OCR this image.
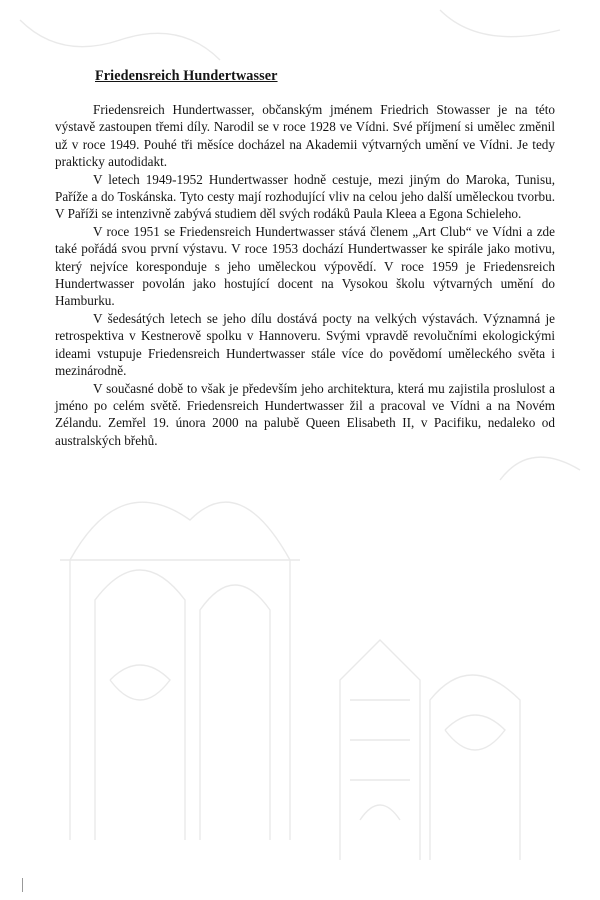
Friedensreich Hundertwasser

Friedensreich Hundertwasser, občanským jménem Friedrich Stowasser je na této výstavě zastoupen třemi díly. Narodil se v roce 1928 ve Vídni. Své příjmení si umělec změnil už v roce 1949. Pouhé tři měsíce docházel na Akademii výtvarných umění ve Vídni. Je tedy prakticky autodidakt.

V letech 1949-1952 Hundertwasser hodně cestuje, mezi jiným do Maroka, Tunisu, Paříže a do Toskánska. Tyto cesty mají rozhodující vliv na celou jeho další uměleckou tvorbu. V Paříži se intenzivně zabývá studiem děl svých rodáků Paula Kleea a Egona Schieleho.

V roce 1951 se Friedensreich Hundertwasser stává členem „Art Club“ ve Vídni a zde také pořádá svou první výstavu. V roce 1953 dochází Hundertwasser ke spirále jako motivu, který nejvíce koresponduje s jeho uměleckou výpovědí. V roce 1959 je Friedensreich Hundertwasser povolán jako hostující docent na Vysokou školu výtvarných umění do Hamburku.

V šedesátých letech se jeho dílu dostává pocty na velkých výstavách. Významná je retrospektiva v Kestnerově spolku v Hannoveru. Svými vpravdě revolučními ekologickými ideami vstupuje Friedensreich Hundertwasser stále více do povědomí uměleckého světa i mezinárodně.

V současné době to však je především jeho architektura, která mu zajistila proslulost a jméno po celém světě. Friedensreich Hundertwasser žil a pracoval ve Vídni a na Novém Zélandu. Zemřel 19. února 2000 na palubě Queen Elisabeth II, v Pacifiku, nedaleko od australských břehů.
